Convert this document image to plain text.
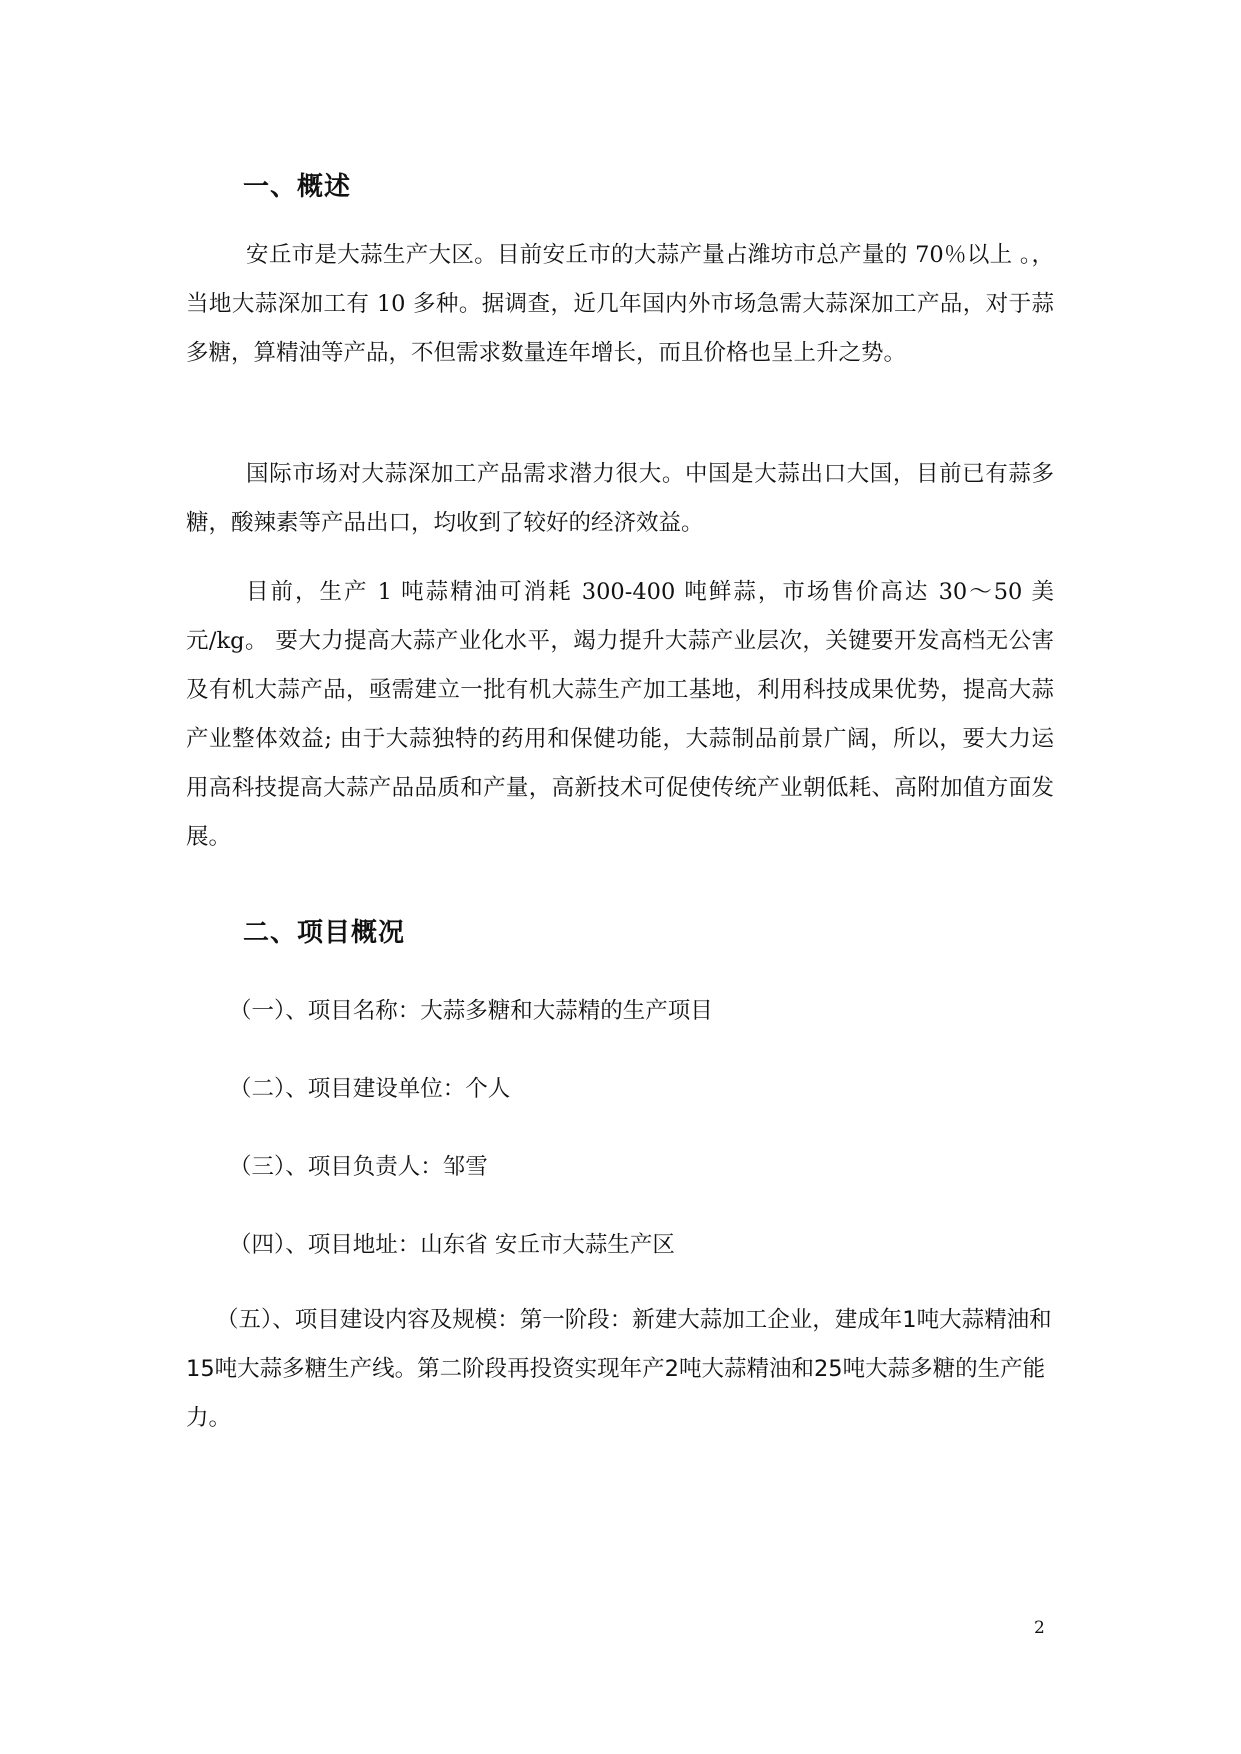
一、概述

安丘市是大蒜生产大区。目前安丘市的大蒜产量占潍坊市总产量的 70％以上 。，当地大蒜深加工有 10 多种。据调查，近几年国内外市场急需大蒜深加工产品，对于蒜多糖，算精油等产品，不但需求数量连年增长，而且价格也呈上升之势。

国际市场对大蒜深加工产品需求潜力很大。中国是大蒜出口大国，目前已有蒜多糖，酸辣素等产品出口，均收到了较好的经济效益。

目前，生产 1 吨蒜精油可消耗 300-400 吨鲜蒜，市场售价高达 30～50 美元/kg。 要大力提高大蒜产业化水平，竭力提升大蒜产业层次，关键要开发高档无公害及有机大蒜产品，亟需建立一批有机大蒜生产加工基地，利用科技成果优势，提高大蒜产业整体效益; 由于大蒜独特的药用和保健功能，大蒜制品前景广阔，所以，要大力运用高科技提高大蒜产品品质和产量，高新技术可促使传统产业朝低耗、高附加值方面发展。

二、项目概况

（一）、项目名称：大蒜多糖和大蒜精的生产项目

（二）、项目建设单位：个人

（三）、项目负责人：邹雪

（四）、项目地址：山东省 安丘市大蒜生产区

（五）、项目建设内容及规模：第一阶段：新建大蒜加工企业，建成年1吨大蒜精油和15吨大蒜多糖生产线。第二阶段再投资实现年产2吨大蒜精油和25吨大蒜多糖的生产能力。

2
